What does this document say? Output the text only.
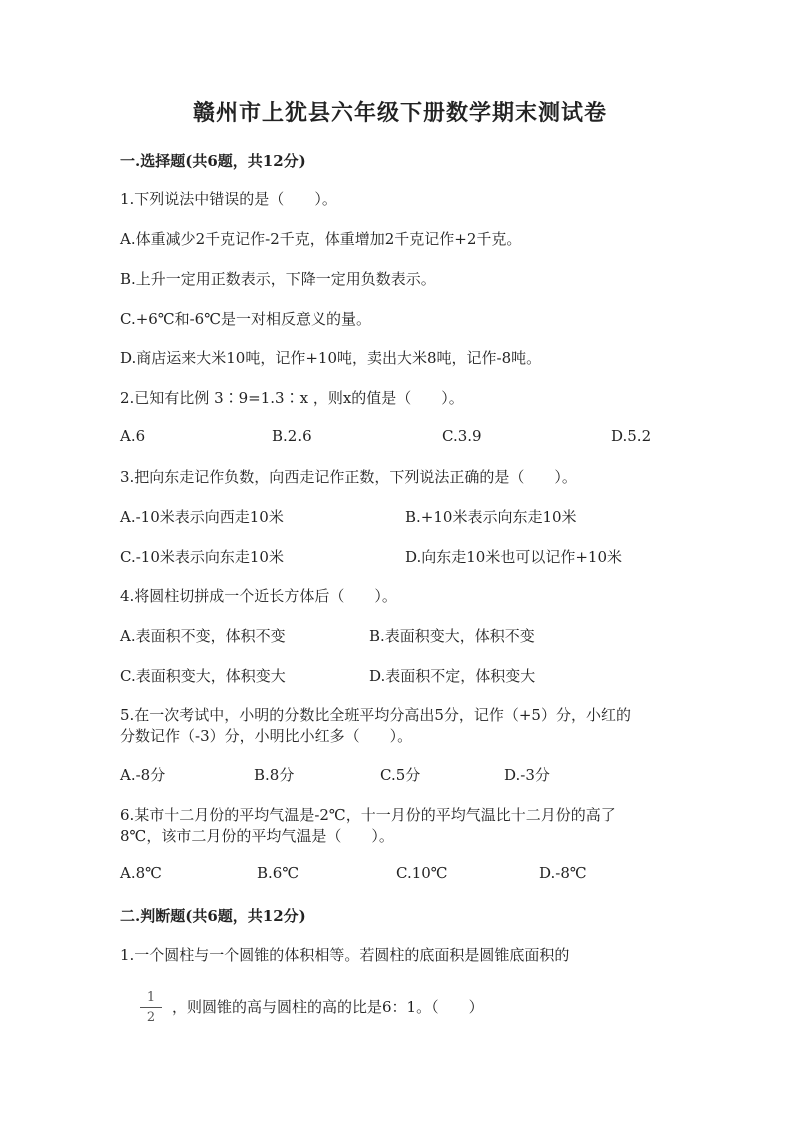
赣州市上犹县六年级下册数学期末测试卷
一.选择题(共6题，共12分)
1.下列说法中错误的是（　　）。
A.体重减少2千克记作-2千克，体重增加2千克记作+2千克。
B.上升一定用正数表示，下降一定用负数表示。
C.+6℃和-6℃是一对相反意义的量。
D.商店运来大米10吨，记作+10吨，卖出大米8吨，记作-8吨。
2.已知有比例 3∶9=1.3∶x ，则x的值是（　　）。
A.6	B.2.6	C.3.9	D.5.2
3.把向东走记作负数，向西走记作正数，下列说法正确的是（　　）。
A.-10米表示向西走10米	B.+10米表示向东走10米
C.-10米表示向东走10米	D.向东走10米也可以记作+10米
4.将圆柱切拼成一个近长方体后（　　）。
A.表面积不变，体积不变	B.表面积变大，体积不变
C.表面积变大，体积变大	D.表面积不定，体积变大
5.在一次考试中，小明的分数比全班平均分高出5分，记作（+5）分，小红的
分数记作（-3）分，小明比小红多（　　）。
A.-8分	B.8分	C.5分	D.-3分
6.某市十二月份的平均气温是-2℃，十一月份的平均气温比十二月份的高了
8℃，该市二月份的平均气温是（　　）。
A.8℃	B.6℃	C.10℃	D.-8℃
二.判断题(共6题，共12分)
1.一个圆柱与一个圆锥的体积相等。若圆柱的底面积是圆锥底面积的
1
2
，则圆锥的高与圆柱的高的比是6：1。（　　）
